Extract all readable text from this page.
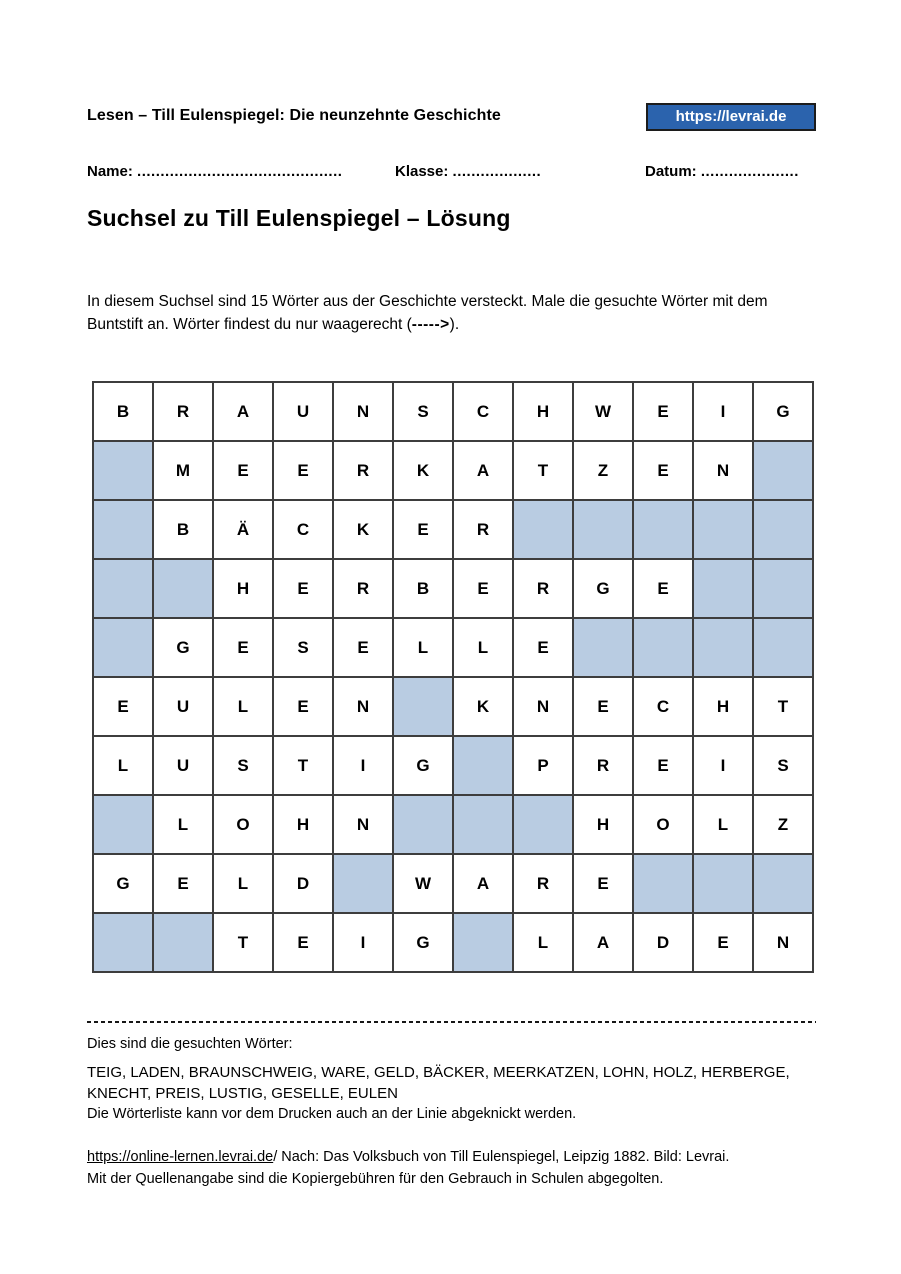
Lesen – Till Eulenspiegel: Die neunzehnte Geschichte	https://levrai.de
Name: ............................................	Klasse: ...................	Datum: .....................
Suchsel zu Till Eulenspiegel – Lösung

In diesem Suchsel sind 15 Wörter aus der Geschichte versteckt. Male die gesuchte Wörter mit dem Buntstift an. Wörter findest du nur waagerecht (----->).

B	R	A	U	N	S	C	H	W	E	I	G
	M	E	E	R	K	A	T	Z	E	N	
	B	Ä	C	K	E	R					
		H	E	R	B	E	R	G	E		
	G	E	S	E	L	L	E				
E	U	L	E	N		K	N	E	C	H	T
L	U	S	T	I	G		P	R	E	I	S
	L	O	H	N				H	O	L	Z
G	E	L	D		W	A	R	E			
		T	E	I	G		L	A	D	E	N

Dies sind die gesuchten Wörter:

TEIG, LADEN, BRAUNSCHWEIG, WARE, GELD, BÄCKER, MEERKATZEN, LOHN, HOLZ, HERBERGE, KNECHT, PREIS, LUSTIG, GESELLE, EULEN

Die Wörterliste kann vor dem Drucken auch an der Linie abgeknickt werden.

https://online-lernen.levrai.de/ Nach: Das Volksbuch von Till Eulenspiegel, Leipzig 1882. Bild: Levrai.
Mit der Quellenangabe sind die Kopiergebühren für den Gebrauch in Schulen abgegolten.
